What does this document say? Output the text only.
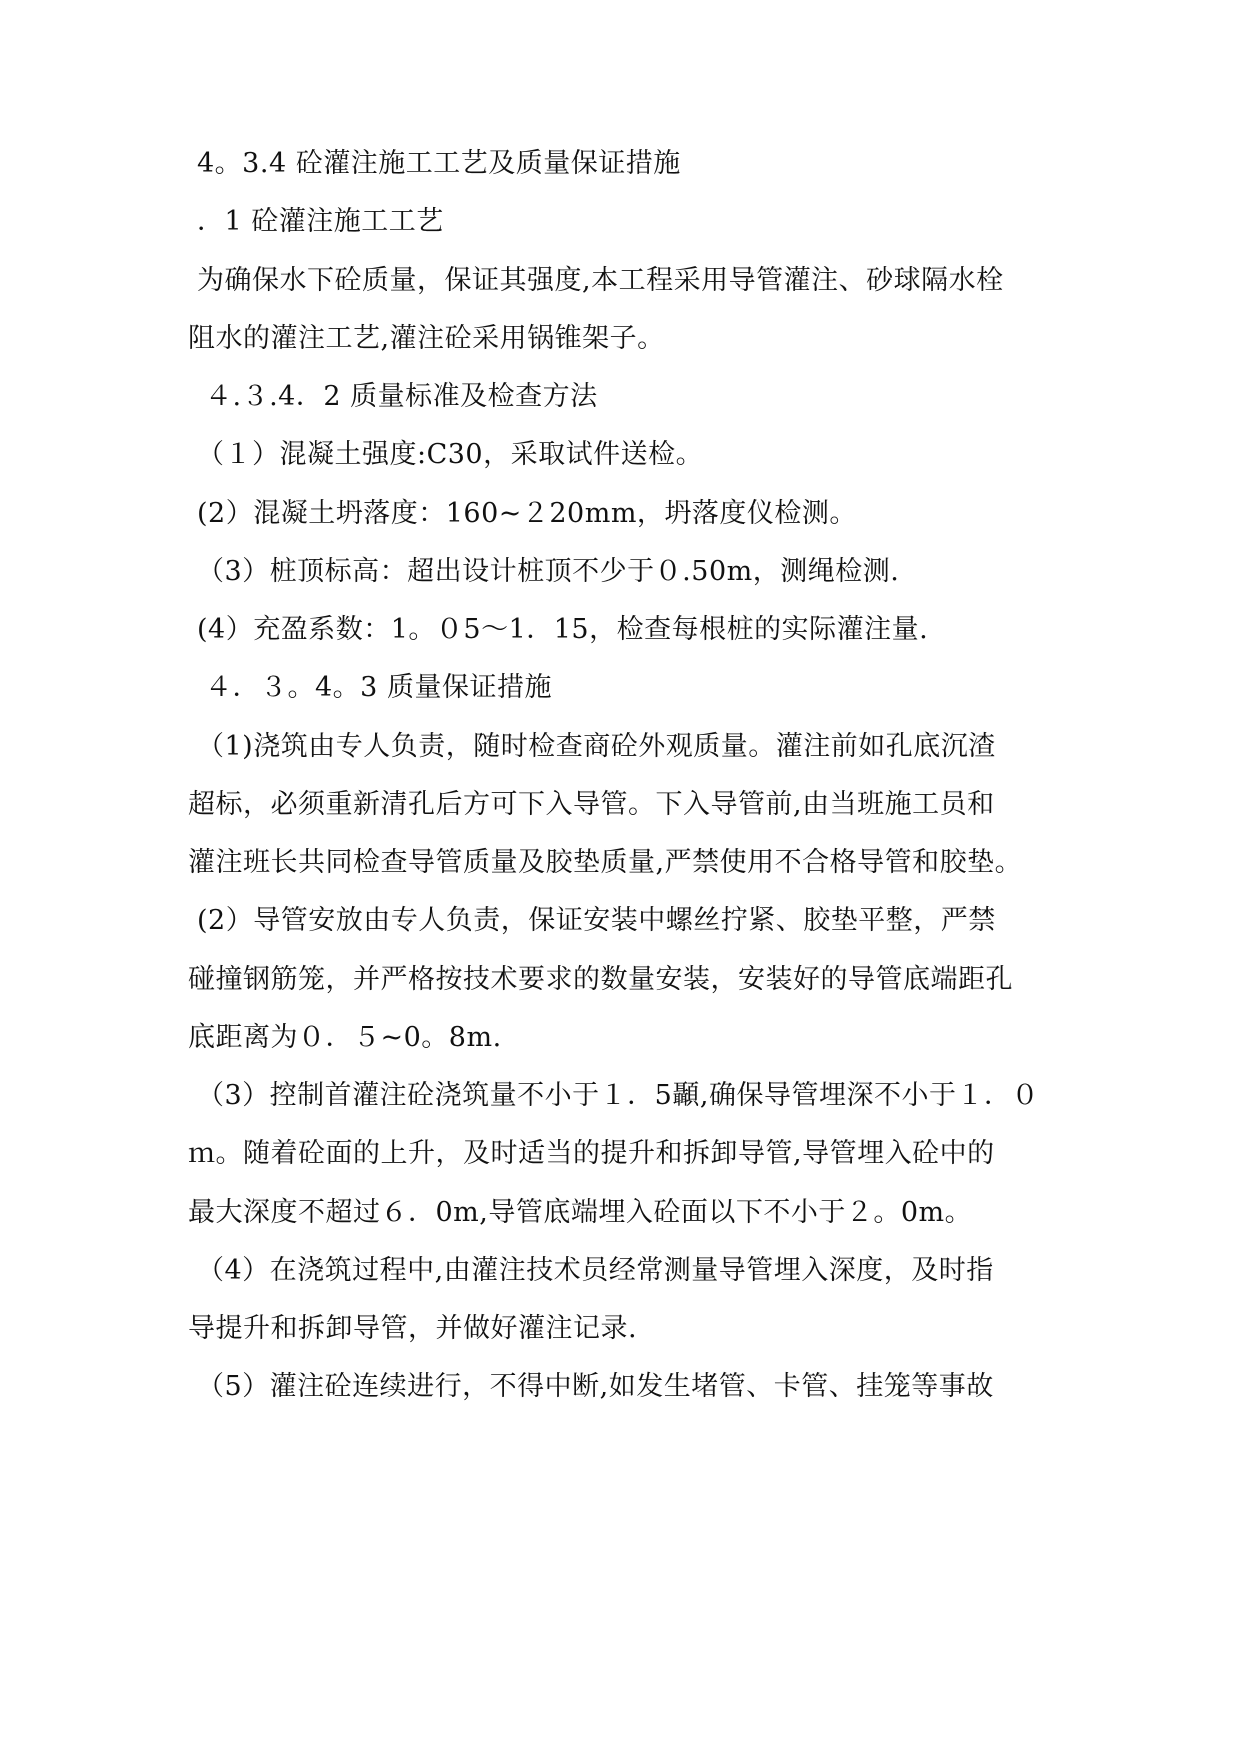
4。3.4 砼灌注施工工艺及质量保证措施
．1 砼灌注施工工艺
为确保水下砼质量，保证其强度,本工程采用导管灌注、砂球隔水栓
阻水的灌注工艺,灌注砼采用锅锥架子。
４.３.4．2 质量标准及检查方法
（１）混凝土强度:C30，采取试件送检。
(2）混凝土坍落度：160~２20mm，坍落度仪检测。
（3）桩顶标高：超出设计桩顶不少于０.50m，测绳检测.
(4）充盈系数：1。０5～1．15，检查每根桩的实际灌注量.
４．３。4。3 质量保证措施
（1)浇筑由专人负责，随时检查商砼外观质量。灌注前如孔底沉渣
超标，必须重新清孔后方可下入导管。下入导管前,由当班施工员和
灌注班长共同检查导管质量及胶垫质量,严禁使用不合格导管和胶垫。
(2）导管安放由专人负责，保证安装中螺丝拧紧、胶垫平整，严禁
碰撞钢筋笼，并严格按技术要求的数量安装，安装好的导管底端距孔
底距离为０．５~0。8m.
（3）控制首灌注砼浇筑量不小于１．5顳,确保导管埋深不小于１．０
ｍ。随着砼面的上升，及时适当的提升和拆卸导管,导管埋入砼中的
最大深度不超过６．0m,导管底端埋入砼面以下不小于２。0m。
（4）在浇筑过程中,由灌注技术员经常测量导管埋入深度，及时指
导提升和拆卸导管，并做好灌注记录.
（5）灌注砼连续进行，不得中断,如发生堵管、卡管、挂笼等事故
